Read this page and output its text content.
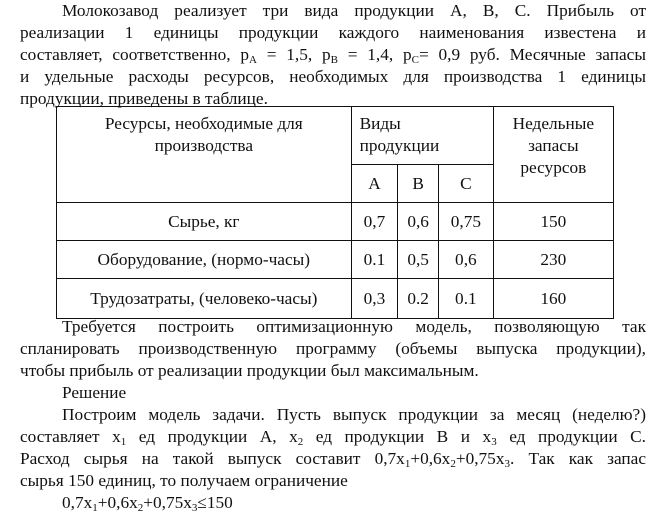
Молокозавод реализует три вида продукции A, B, C. Прибыль от
реализации 1 единицы продукции каждого наименования известена и
составляет, соответственно, $p_A = 1,5$, $p_B = 1,4$, $p_C= 0,9$ руб. Месячные запасы
и удельные расходы ресурсов, необходимых для производства 1 единицы
продукции, приведены в таблице.
Ресурсы, необходимые для производства	Виды продукции			Недельные запасы ресурсов

	A	B	C	
Сырье, кг	0,7	0,6	0,75	150
Оборудование, (нормо-часы)	0.1	0,5	0,6	230
Трудозатраты, (человеко-часы)	0,3	0.2	0.1	160
Требуется построить оптимизационную модель, позволяющую так
спланировать производственную программу (объемы выпуска продукции),
чтобы прибыль от реализации продукции был максимальным.
Решение
Построим модель задачи. Пусть выпуск продукции за месяц (неделю?)
составляет $x_1$ ед продукции A, $x_2$ ед продукции B и $x_3$ ед продукции C.
Расход сырья на такой выпуск составит $0,7x_1+0,6x_2+0,75x_3$. Так как запас
сырья 150 единиц, то получаем ограничение
$0,7x_1+0,6x_2+0,75x_3\le 150$
